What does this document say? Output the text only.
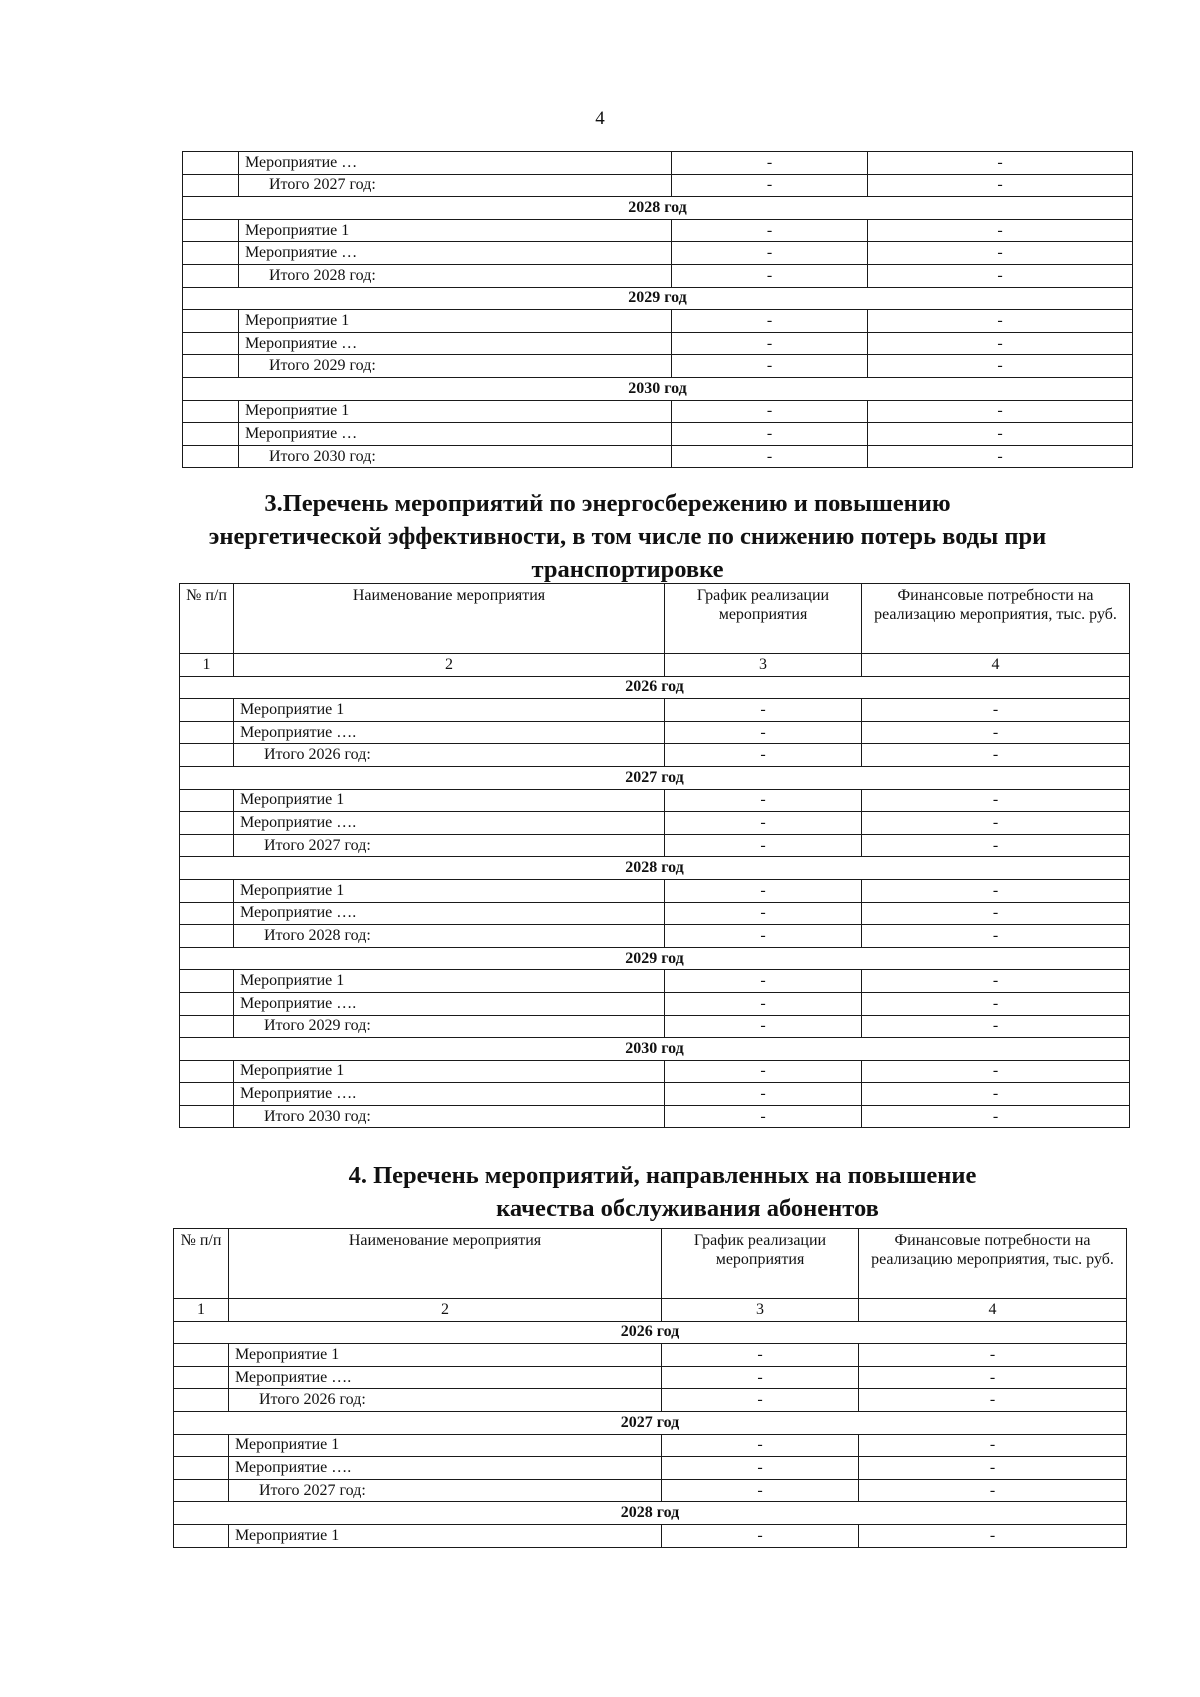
4
	Мероприятие …	-	-
	Итого 2027 год:	-	-
2028 год			
	Мероприятие 1	-	-
	Мероприятие …	-	-
	Итого 2028 год:	-	-
2029 год			
	Мероприятие 1	-	-
	Мероприятие …	-	-
	Итого 2029 год:	-	-
2030 год			
	Мероприятие 1	-	-
	Мероприятие …	-	-
	Итого 2030 год:	-	-
3.Перечень мероприятий по энергосбережению и повышению
энергетической эффективности, в том числе по снижению потерь воды при
транспортировке
№ п/п	Наименование мероприятия	График реализации мероприятия	Финансовые потребности на реализацию мероприятия, тыс. руб.
1	2	3	4
2026 год			
	Мероприятие 1	-	-
	Мероприятие ….	-	-
	Итого 2026 год:	-	-
2027 год			
	Мероприятие 1	-	-
	Мероприятие ….	-	-
	Итого 2027 год:	-	-
2028 год			
	Мероприятие 1	-	-
	Мероприятие ….	-	-
	Итого 2028 год:	-	-
2029 год			
	Мероприятие 1	-	-
	Мероприятие ….	-	-
	Итого 2029 год:	-	-
2030 год			
	Мероприятие 1	-	-
	Мероприятие ….	-	-
	Итого 2030 год:	-	-
4. Перечень мероприятий, направленных на повышение
качества обслуживания абонентов
№ п/п	Наименование мероприятия	График реализации мероприятия	Финансовые потребности на реализацию мероприятия, тыс. руб.
1	2	3	4
2026 год			
	Мероприятие 1	-	-
	Мероприятие ….	-	-
	Итого 2026 год:	-	-
2027 год			
	Мероприятие 1	-	-
	Мероприятие ….	-	-
	Итого 2027 год:	-	-
2028 год			
	Мероприятие 1	-	-
